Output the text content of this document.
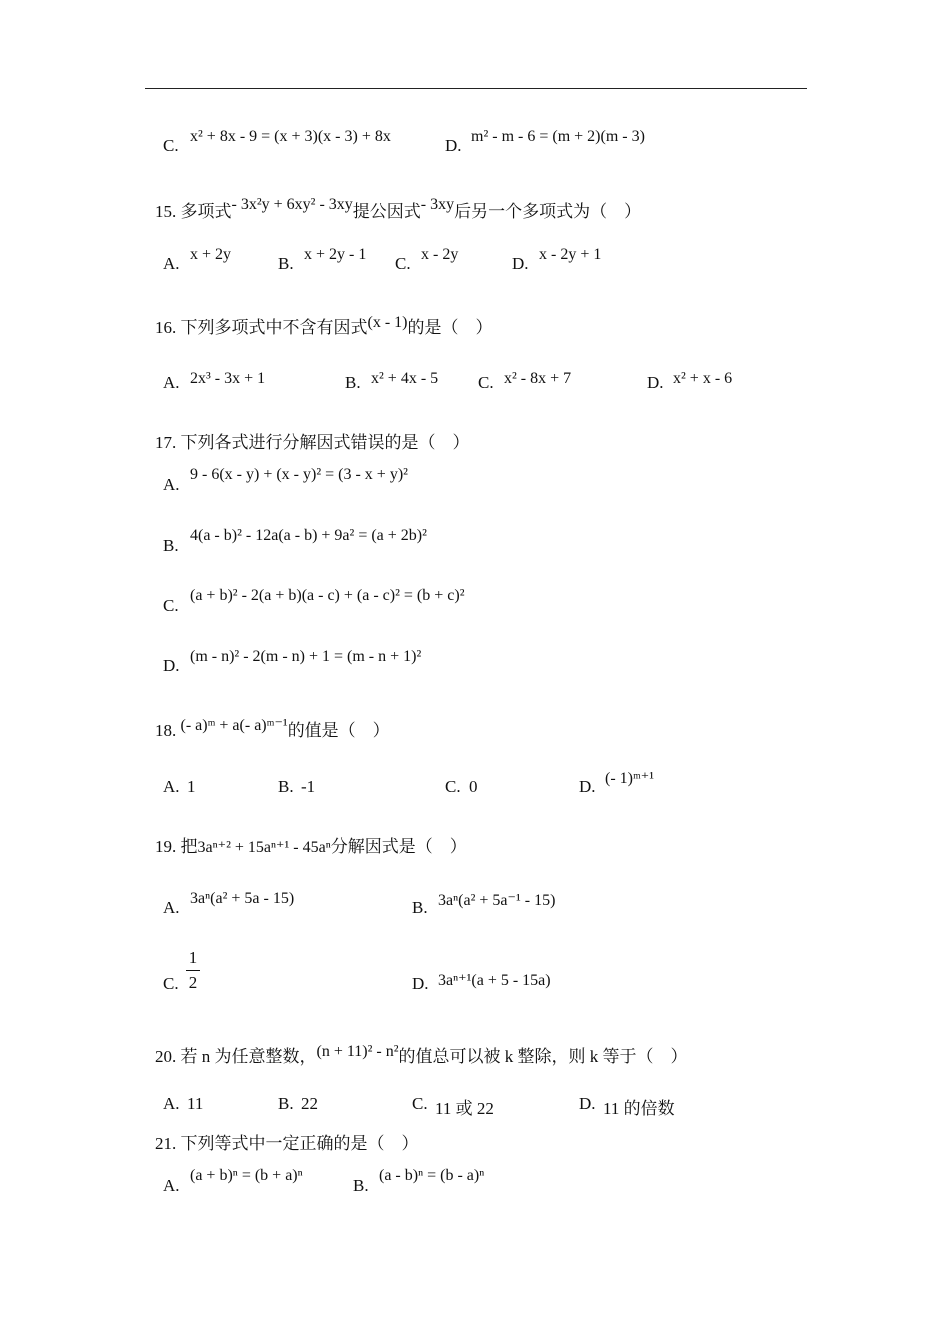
C. x² + 8x - 9 = (x + 3)(x - 3) + 8x	D. m² - m - 6 = (m + 2)(m - 3)
15. 多项式- 3x²y + 6xy² - 3xy提公因式- 3xy后另一个多项式为（　）
A. x + 2y	B. x + 2y - 1 C. x - 2y	D. x - 2y + 1
16. 下列多项式中不含有因式(x - 1)的是（　）
A. 2x³ - 3x + 1	B. x² + 4x - 5 C. x² - 8x + 7	D. x² + x - 6
17. 下列各式进行分解因式错误的是（　）
A.
9 - 6(x - y) + (x - y)² = (3 - x + y)²
B.
4(a - b)² - 12a(a - b) + 9a² = (a + 2b)²
C.
(a + b)² - 2(a + b)(a - c) + (a - c)² = (b + c)²
D. (m - n)² - 2(m - n) + 1 = (m - n + 1)²
18. (- a)ᵐ + a(- a)ᵐ⁻¹的值是（　）
A. 1	B. -1	C. 0	D. (- 1)ᵐ⁺¹
19. 把3aⁿ⁺² + 15aⁿ⁺¹ - 45aⁿ分解因式是（　）
A. 3aⁿ(a² + 5a - 15)	B. 3aⁿ(a² + 5a⁻¹ - 15)
C.
1
2	D. 3aⁿ⁺¹(a + 5 - 15a)
20. 若 n 为任意整数，(n + 11)² - n²的值总可以被 k 整除，则 k 等于（　）
A. 11	B. 22	C. 11 或 22	D. 11 的倍数
21. 下列等式中一定正确的是（　）
A.
(a + b)ⁿ = (b + a)ⁿ
B.
(a - b)ⁿ = (b - a)ⁿ
